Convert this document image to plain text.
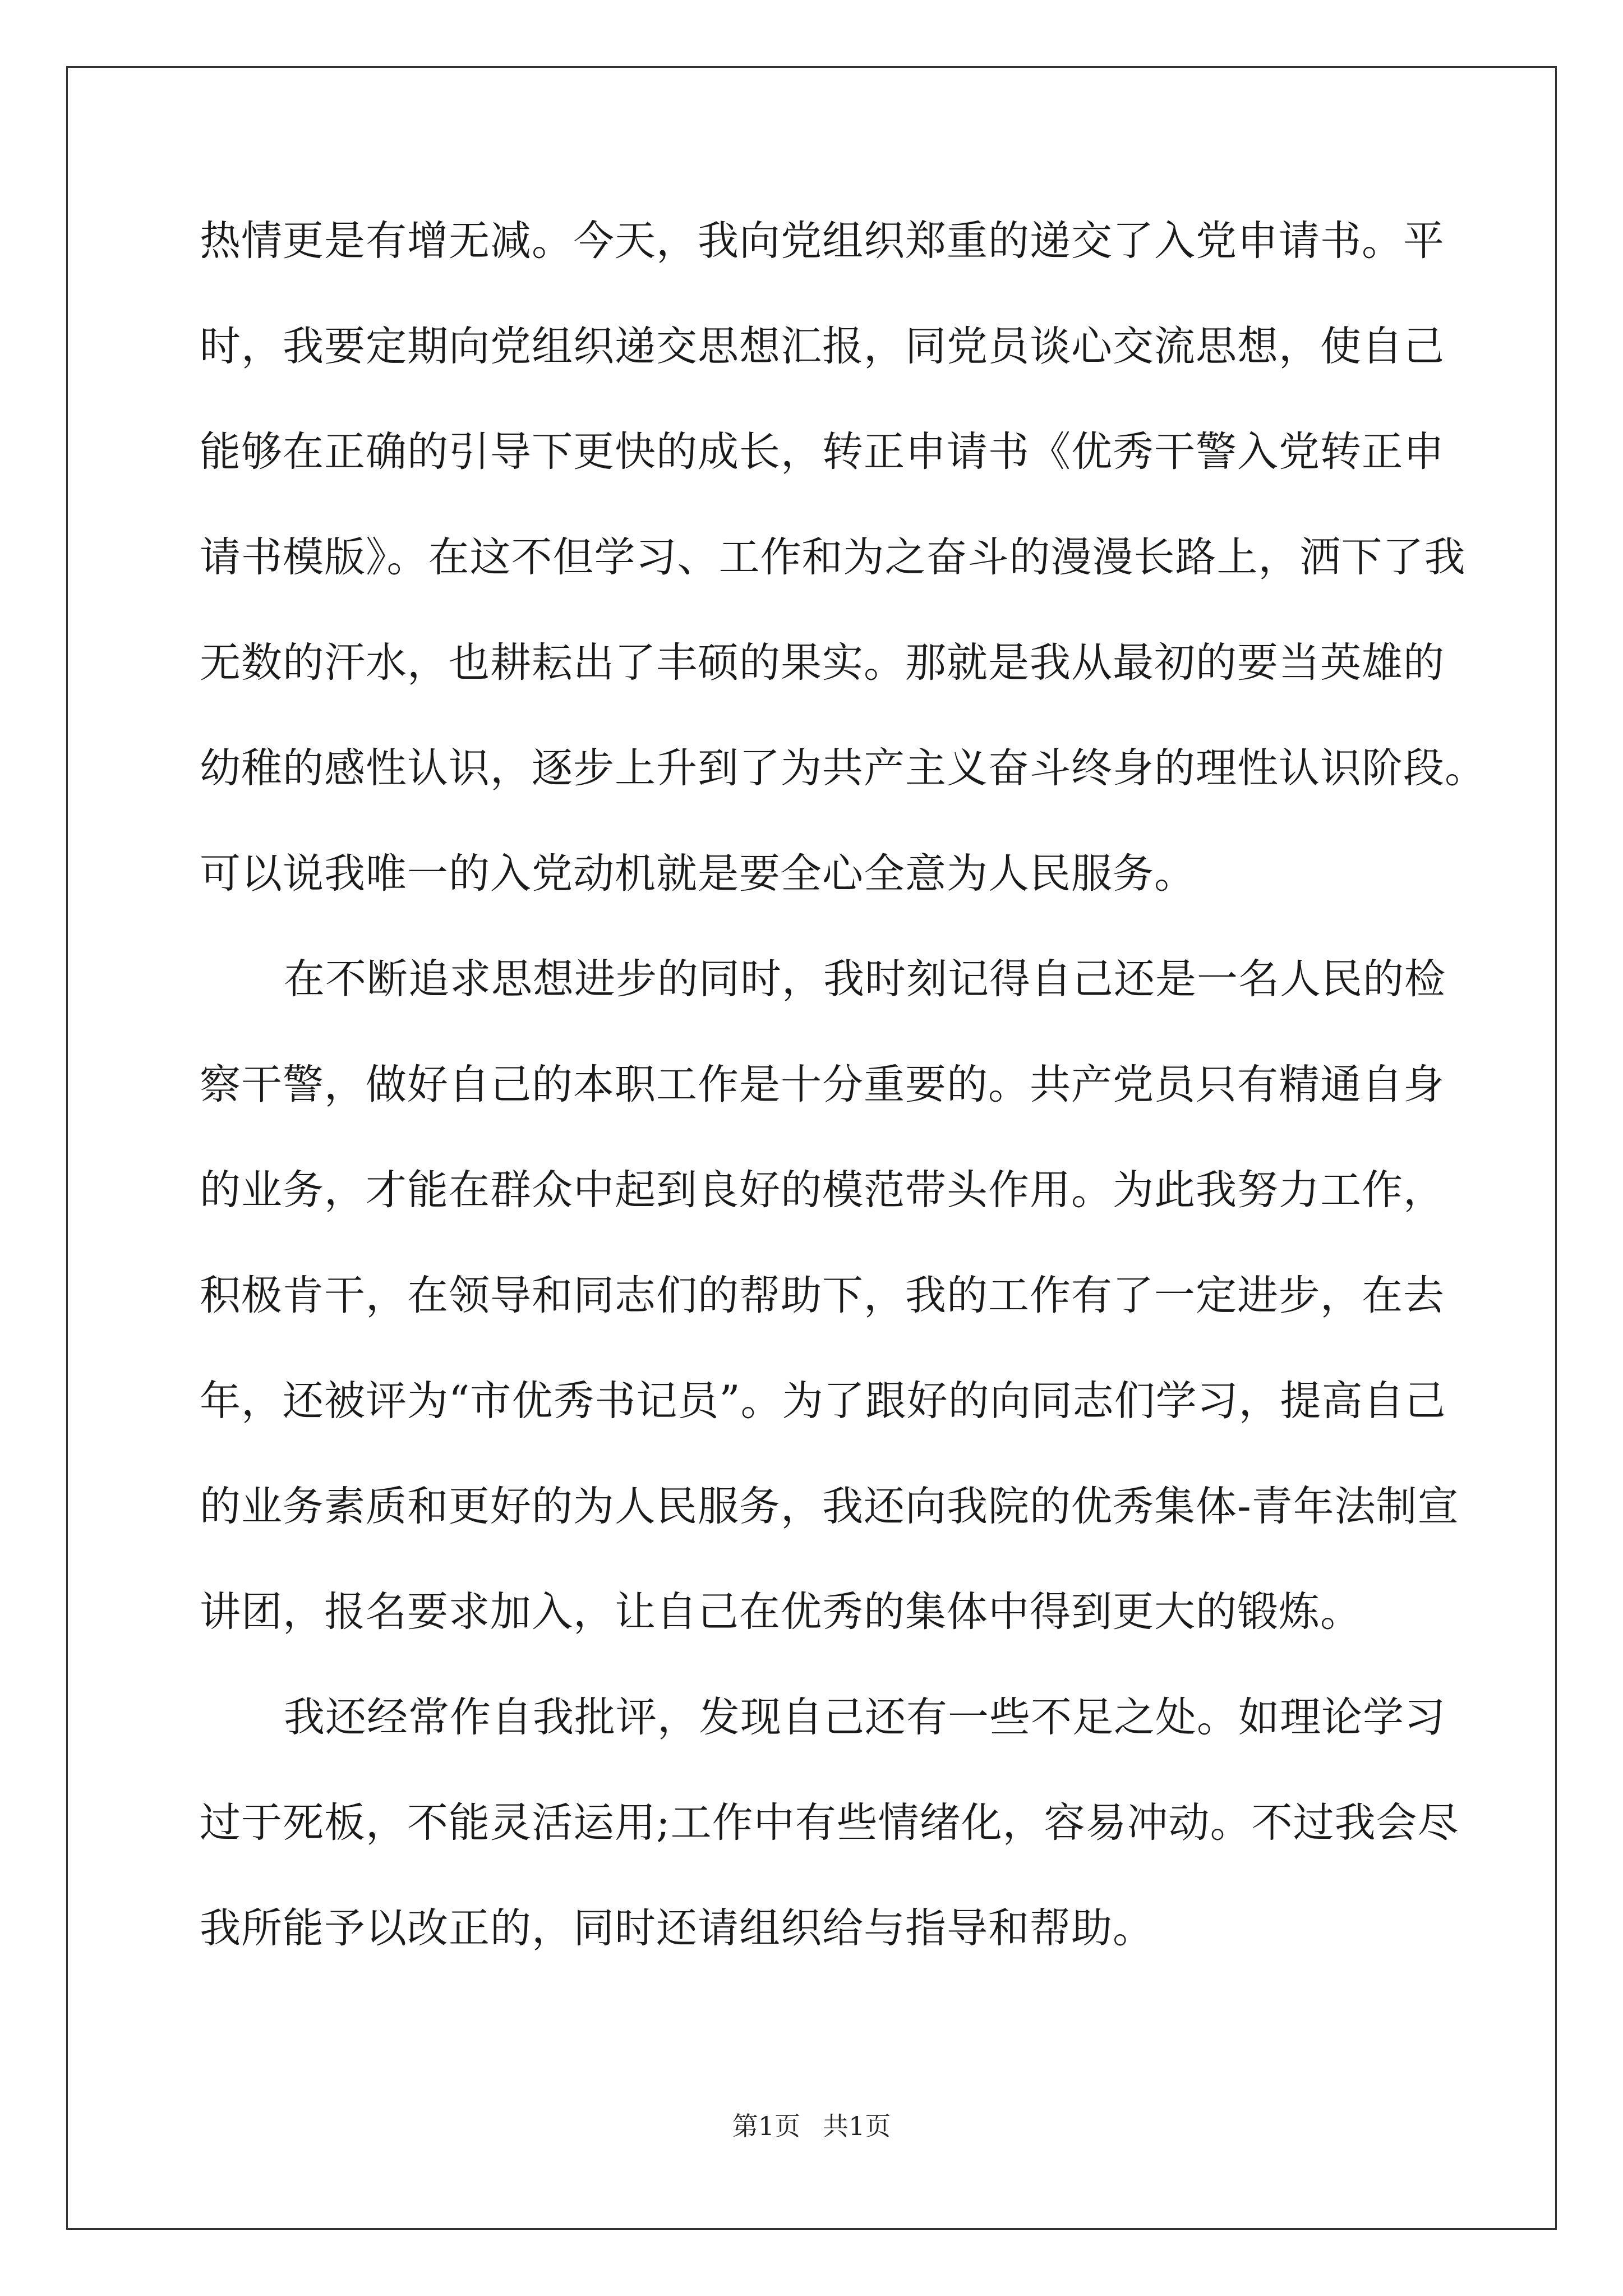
热情更是有增无减。今天，我向党组织郑重的递交了入党申请书。平
时，我要定期向党组织递交思想汇报，同党员谈心交流思想，使自己
能够在正确的引导下更快的成长，转正申请书《优秀干警入党转正申
请书模版》。在这不但学习、工作和为之奋斗的漫漫长路上，洒下了我
无数的汗水，也耕耘出了丰硕的果实。那就是我从最初的要当英雄的
幼稚的感性认识，逐步上升到了为共产主义奋斗终身的理性认识阶段。
可以说我唯一的入党动机就是要全心全意为人民服务。
在不断追求思想进步的同时，我时刻记得自己还是一名人民的检
察干警，做好自己的本职工作是十分重要的。共产党员只有精通自身
的业务，才能在群众中起到良好的模范带头作用。为此我努力工作，
积极肯干，在领导和同志们的帮助下，我的工作有了一定进步，在去
年，还被评为“市优秀书记员”。为了跟好的向同志们学习，提高自己
的业务素质和更好的为人民服务，我还向我院的优秀集体-青年法制宣
讲团，报名要求加入，让自己在优秀的集体中得到更大的锻炼。
我还经常作自我批评，发现自己还有一些不足之处。如理论学习
过于死板，不能灵活运用;工作中有些情绪化，容易冲动。不过我会尽
我所能予以改正的，同时还请组织给与指导和帮助。
第1页 共1页
